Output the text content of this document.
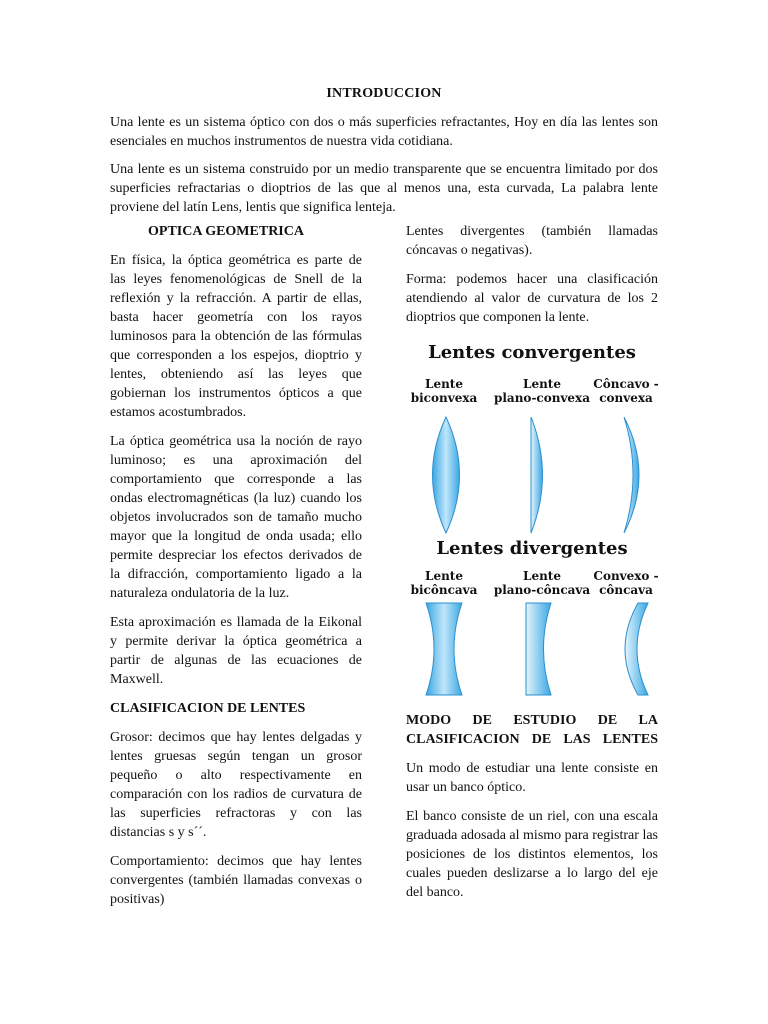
INTRODUCCION

Una lente es un sistema óptico con dos o más superficies refractantes, Hoy en día las lentes son esenciales en muchos instrumentos de nuestra vida cotidiana.

Una lente es un sistema construido por un medio transparente que se encuentra limitado por dos superficies refractarias o dioptrios de las que al menos una, esta curvada, La palabra lente proviene del latín Lens, lentis que significa lenteja.

OPTICA GEOMETRICA

En física, la óptica geométrica es parte de las leyes fenomenológicas de Snell de la reflexión y la refracción. A partir de ellas, basta hacer geometría con los rayos luminosos para la obtención de las fórmulas que corresponden a los espejos, dioptrio y lentes, obteniendo así las leyes que gobiernan los instrumentos ópticos a que estamos acostumbrados.

La óptica geométrica usa la noción de rayo luminoso; es una aproximación del comportamiento que corresponde a las ondas electromagnéticas (la luz) cuando los objetos involucrados son de tamaño mucho mayor que la longitud de onda usada; ello permite despreciar los efectos derivados de la difracción, comportamiento ligado a la naturaleza ondulatoria de la luz.

Esta aproximación es llamada de la Eikonal y permite derivar la óptica geométrica a partir de algunas de las ecuaciones de Maxwell.

CLASIFICACION DE LENTES

Grosor: decimos que hay lentes delgadas y lentes gruesas según tengan un grosor pequeño o alto respectivamente en comparación con los radios de curvatura de las superficies refractoras y con las distancias s y s´´.

Comportamiento: decimos que hay lentes convergentes (también llamadas convexas o positivas)

Lentes divergentes (también llamadas cóncavas o negativas).

Forma: podemos hacer una clasificación atendiendo al valor de curvatura de los 2 dioptrios que componen la lente.

Lentes convergentes
Lente
biconvexa
Lente
plano-convexa
Côncavo -
convexa
Lentes divergentes
Lente
bicôncava
Lente
plano-côncava
Convexo -
côncava
MODO DE ESTUDIO DE LA CLASIFICACION DE LAS LENTES

Un modo de estudiar una lente consiste en usar un banco óptico.

El banco consiste de un riel, con una escala graduada adosada al mismo para registrar las posiciones de los distintos elementos, los cuales pueden deslizarse a lo largo del eje del banco.
